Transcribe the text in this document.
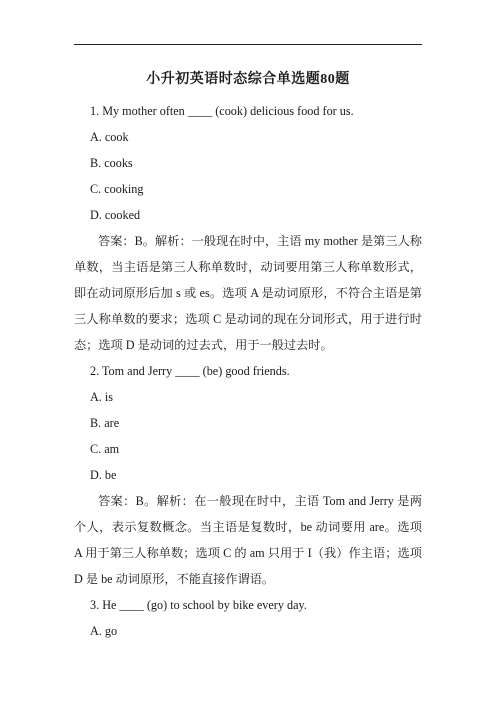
小升初英语时态综合单选题80题
1. My mother often ____ (cook) delicious food for us.
A. cook
B. cooks
C. cooking
D. cooked

答案：B。解析：一般现在时中，主语 my mother 是第三人称单数，当主语是第三人称单数时，动词要用第三人称单数形式，即在动词原形后加 s 或 es。选项 A 是动词原形，不符合主语是第三人称单数的要求；选项 C 是动词的现在分词形式，用于进行时态；选项 D 是动词的过去式，用于一般过去时。

2. Tom and Jerry ____ (be) good friends.
A. is
B. are
C. am
D. be

答案：B。解析：在一般现在时中，主语 Tom and Jerry 是两个人，表示复数概念。当主语是复数时，be 动词要用 are。选项 A 用于第三人称单数；选项 C 的 am 只用于 I（我）作主语；选项 D 是 be 动词原形，不能直接作谓语。

3. He ____ (go) to school by bike every day.
A. go
